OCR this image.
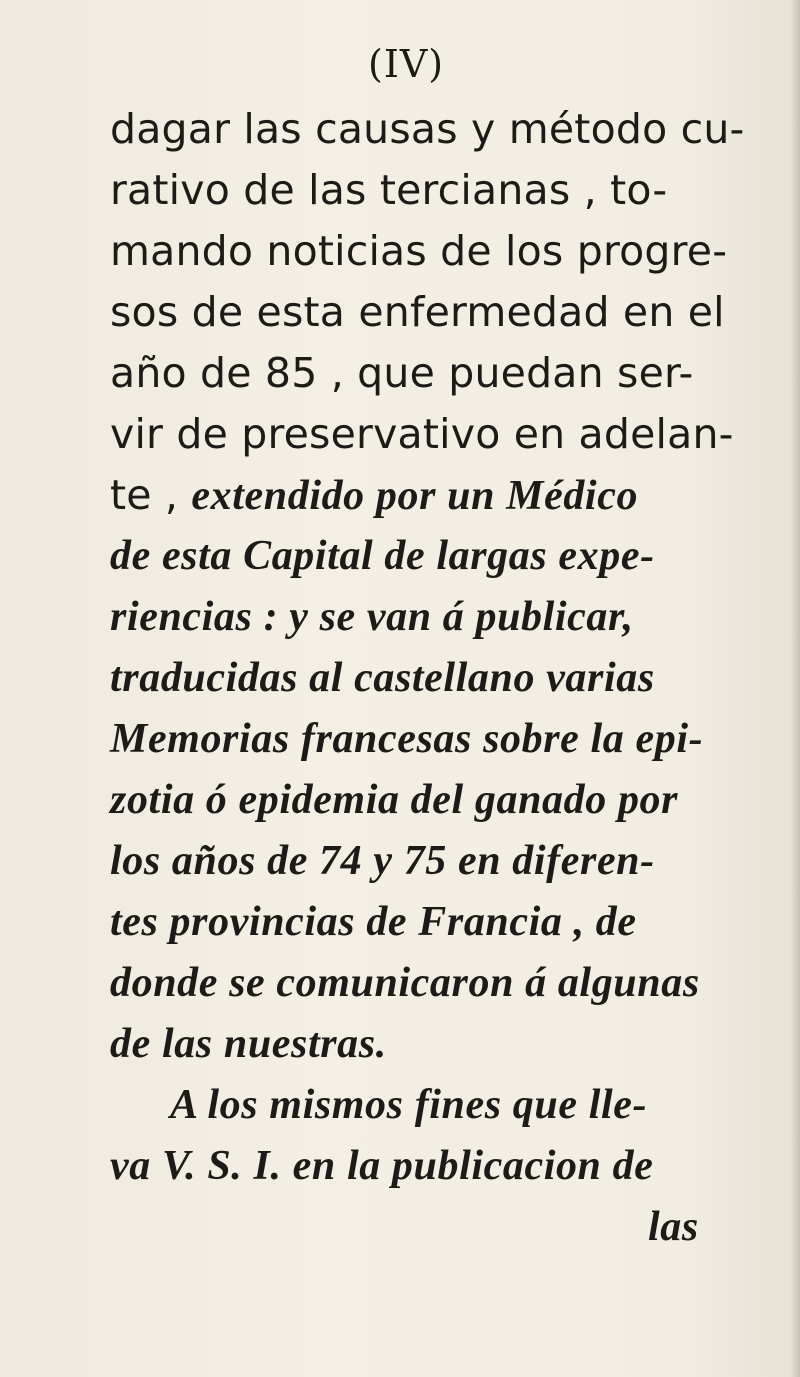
(IV)
dagar las causas y método cu-
rativo de las tercianas , to-
mando noticias de los progre-
sos de esta enfermedad en el
año de 85 , que puedan ser-
vir de preservativo en adelan-
te , extendido por un Médico
de esta Capital de largas expe-
riencias : y se van á publicar,
traducidas al castellano varias
Memorias francesas sobre la epi-
zotia ó epidemia del ganado por
los años de 74 y 75 en diferen-
tes provincias de Francia , de
donde se comunicaron á algunas
de las nuestras.
A los mismos fines que lle-
va V. S. I. en la publicacion de
las
